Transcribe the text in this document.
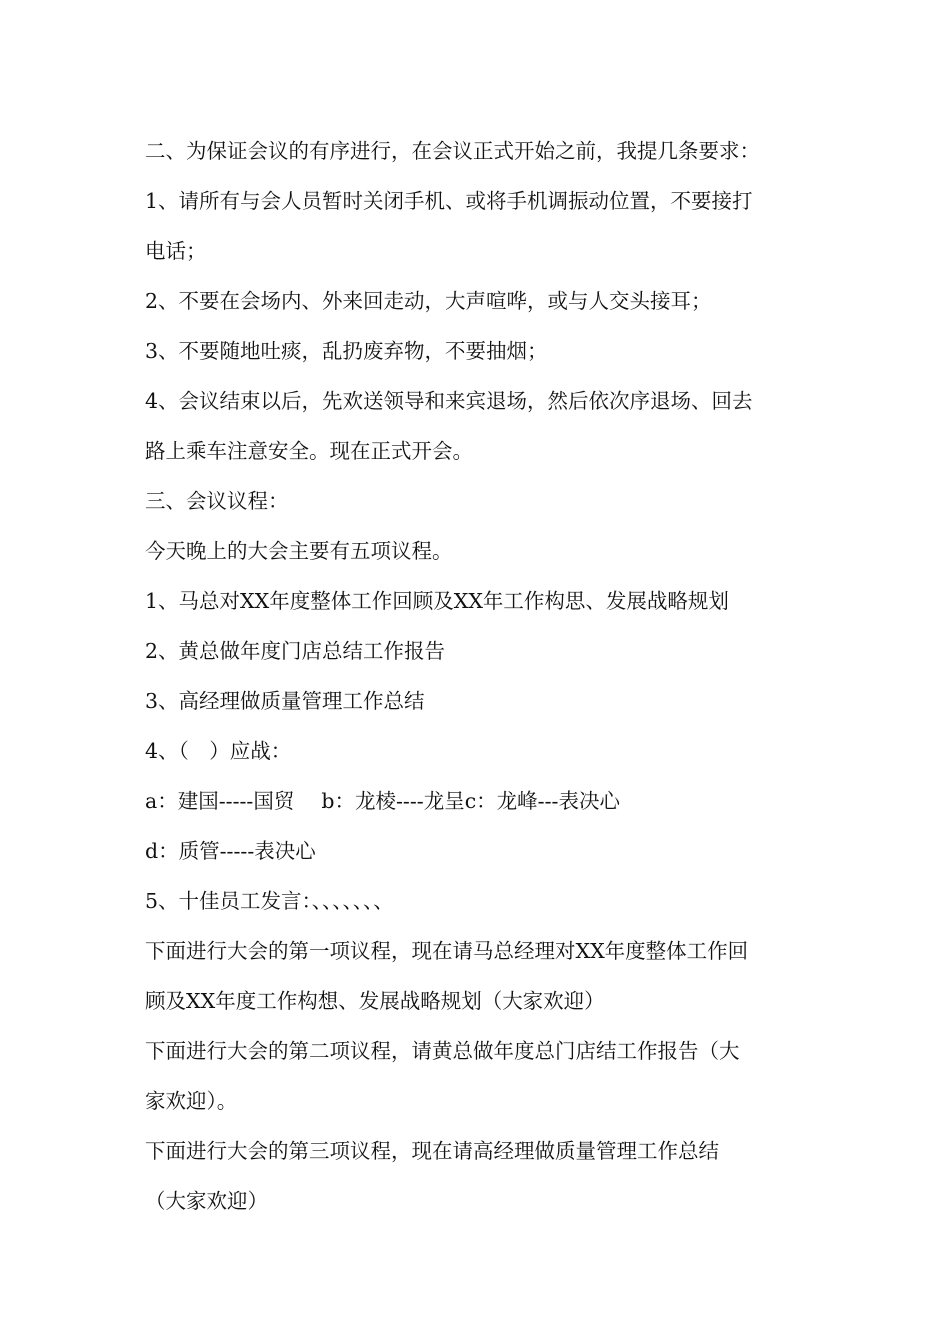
二、为保证会议的有序进行，在会议正式开始之前，我提几条要求：
1、请所有与会人员暂时关闭手机、或将手机调振动位置，不要接打
电话；
2、不要在会场内、外来回走动，大声喧哗，或与人交头接耳；
3、不要随地吐痰，乱扔废弃物，不要抽烟；
4、会议结束以后，先欢送领导和来宾退场，然后依次序退场、回去
路上乘车注意安全。现在正式开会。
三、会议议程：
今天晚上的大会主要有五项议程。
1、马总对XX年度整体工作回顾及XX年工作构思、发展战略规划
2、黄总做年度门店总结工作报告
3、高经理做质量管理工作总结
4、（　）应战：
a：建国-----国贸　 b：龙棱----龙呈c：龙峰---表决心
d：质管-----表决心
5、十佳员工发言：、、、、、、、
下面进行大会的第一项议程，现在请马总经理对XX年度整体工作回
顾及XX年度工作构想、发展战略规划（大家欢迎）
下面进行大会的第二项议程，请黄总做年度总门店结工作报告（大
家欢迎）。
下面进行大会的第三项议程，现在请高经理做质量管理工作总结
（大家欢迎）
